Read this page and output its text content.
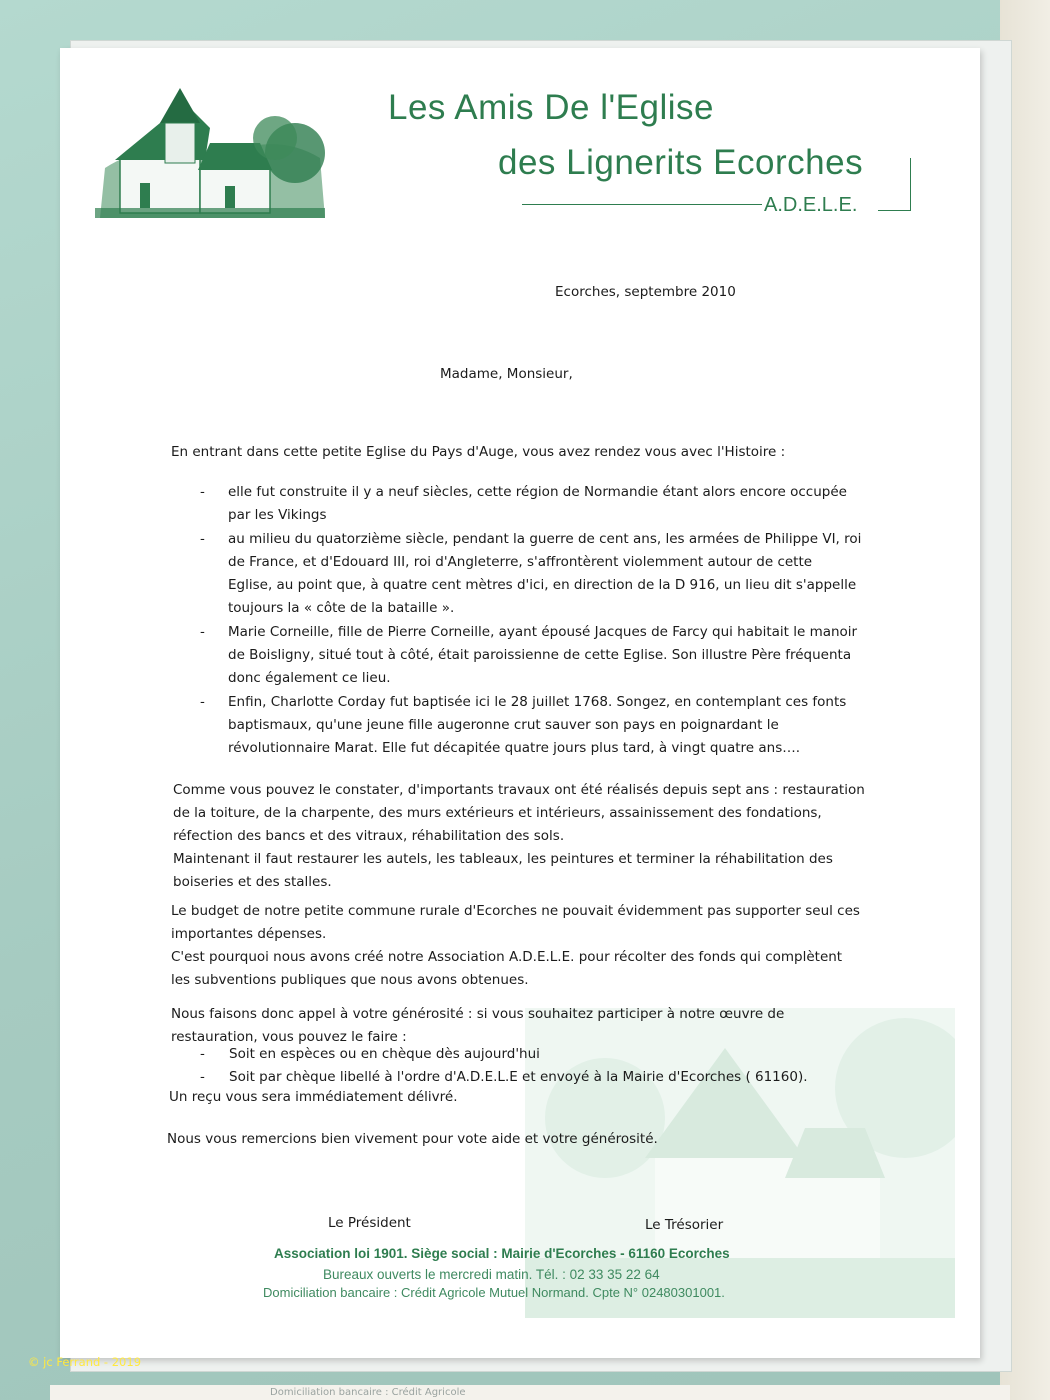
Domiciliation bancaire : Crédit Agricole
Les Amis De l'Eglise
des Lignerits Ecorches
A.D.E.L.E.
Ecorches, septembre 2010
Madame, Monsieur,
En entrant dans cette petite Eglise du Pays d'Auge, vous avez rendez vous avec l'Histoire :
- elle fut construite il y a neuf siècles, cette région de Normandie étant alors encore occupée
par les Vikings
- au milieu du quatorzième siècle, pendant la guerre de cent ans, les armées de Philippe VI, roi
de France, et d'Edouard III, roi d'Angleterre, s'affrontèrent violemment autour de cette
Eglise, au point que, à quatre cent mètres d'ici, en direction de la D 916, un lieu dit s'appelle
toujours la « côte de la bataille ».
- Marie Corneille, fille de Pierre Corneille, ayant épousé Jacques de Farcy qui habitait le manoir
de Boisligny, situé tout à côté, était paroissienne de cette Eglise. Son illustre Père fréquenta
donc également ce lieu.
- Enfin, Charlotte Corday fut baptisée ici le 28 juillet 1768. Songez, en contemplant ces fonts
baptismaux, qu'une jeune fille augeronne crut sauver son pays en poignardant le
révolutionnaire Marat. Elle fut décapitée quatre jours plus tard, à vingt quatre ans….
Comme vous pouvez le constater, d'importants travaux ont été réalisés depuis sept ans : restauration
de la toiture, de la charpente, des murs extérieurs et intérieurs, assainissement des fondations,
réfection des bancs et des vitraux, réhabilitation des sols.
Maintenant il faut restaurer les autels, les tableaux, les peintures et terminer la réhabilitation des
boiseries et des stalles.
Le budget de notre petite commune rurale d'Ecorches ne pouvait évidemment pas supporter seul ces
importantes dépenses.
C'est pourquoi nous avons créé notre Association A.D.E.L.E. pour récolter des fonds qui complètent
les subventions publiques que nous avons obtenues.
Nous faisons donc appel à votre générosité : si vous souhaitez participer à notre œuvre de
restauration, vous pouvez le faire :
- Soit en espèces ou en chèque dès aujourd'hui
- Soit par chèque libellé à l'ordre d'A.D.E.L.E et envoyé à la Mairie d'Ecorches ( 61160).
Un reçu vous sera immédiatement délivré.
Nous vous remercions bien vivement pour vote aide et votre générosité.
Le Président	Le Trésorier
Association loi 1901. Siège social : Mairie d'Ecorches - 61160 Ecorches
Bureaux ouverts le mercredi matin. Tél. : 02 33 35 22 64
Domiciliation bancaire : Crédit Agricole Mutuel Normand. Cpte N° 02480301001.
© jc Ferrand - 2019
